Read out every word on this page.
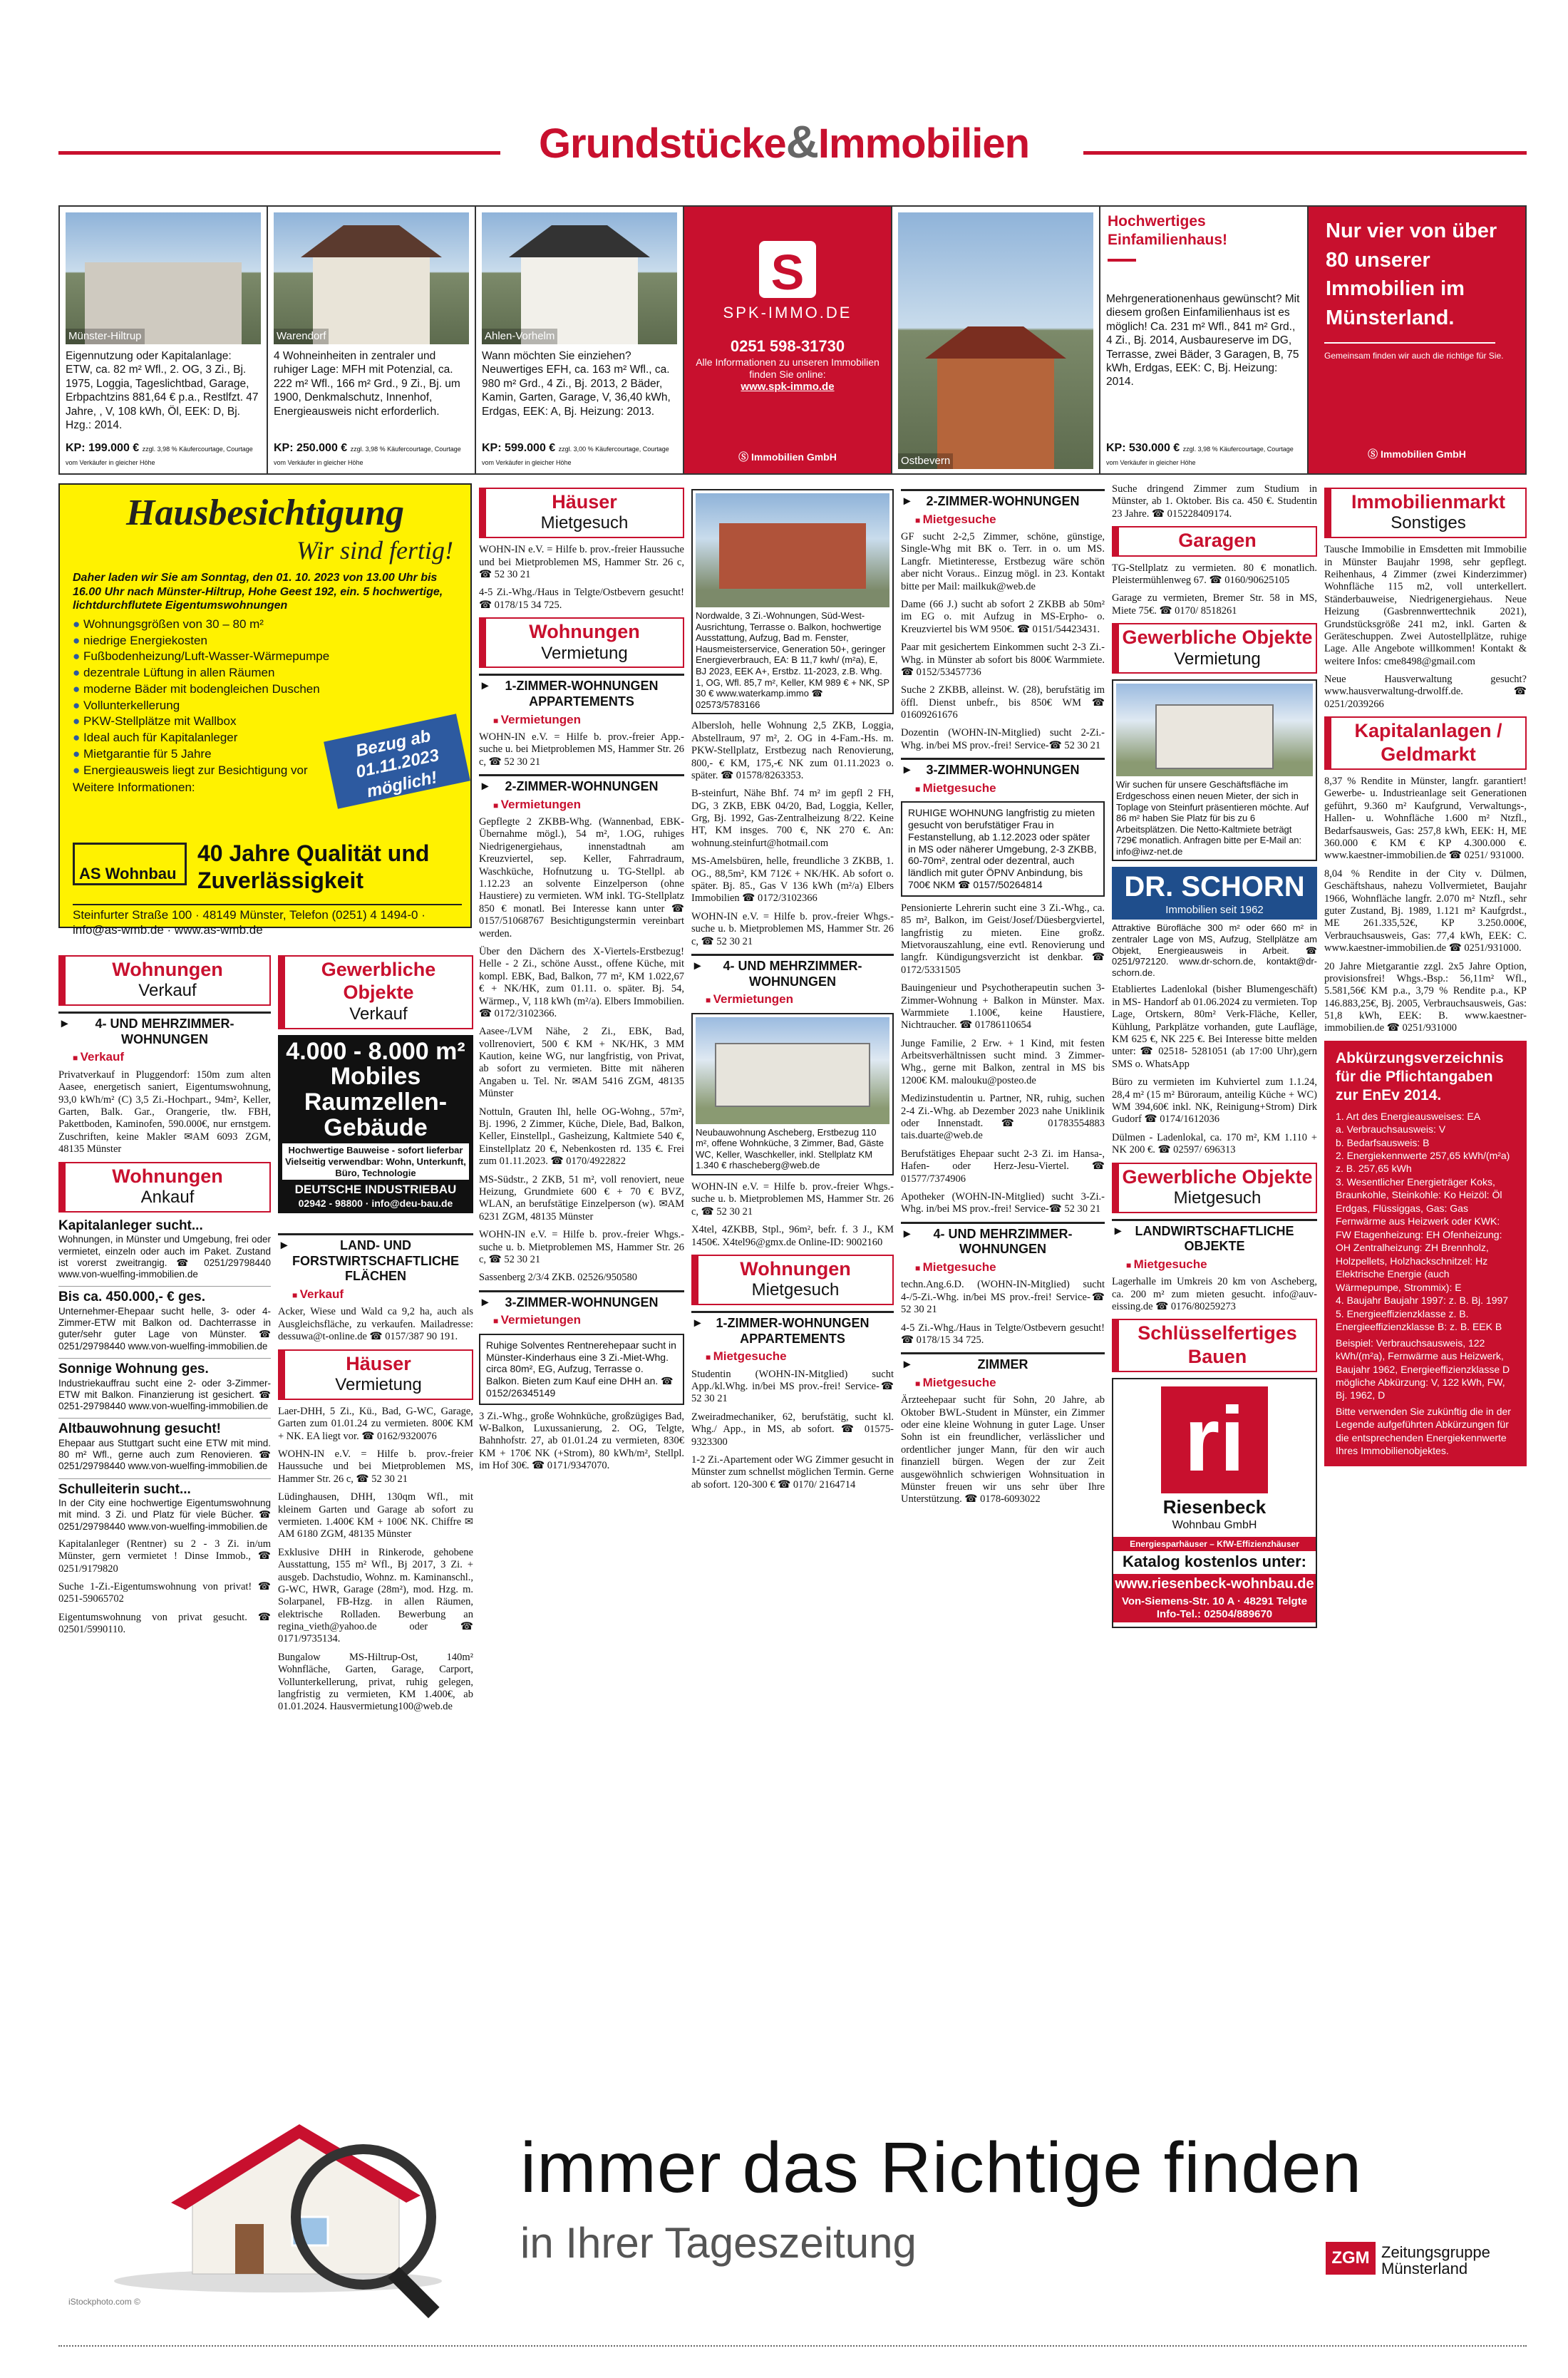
Grundstücke&Immobilien
Münster-Hiltrup
Eigennutzung oder Kapitalanlage: ETW, ca. 82 m² Wfl., 2. OG, 3 Zi., Bj. 1975, Loggia, Tageslichtbad, Garage, Erbpachtzins 881,64 € p.a., Restlfzt. 47 Jahre, , V, 108 kWh, Öl, EEK: D, Bj. Hzg.: 2014.
KP: 199.000 € zzgl. 3,98 % Käufercourtage, Courtage vom Verkäufer in gleicher Höhe
Warendorf
4 Wohneinheiten in zentraler und ruhiger Lage: MFH mit Potenzial, ca. 222 m² Wfl., 166 m² Grd., 9 Zi., Bj. um 1900, Denkmalschutz, Innenhof, Energieausweis nicht erforderlich.
KP: 250.000 € zzgl. 3,98 % Käufercourtage, Courtage vom Verkäufer in gleicher Höhe
Ahlen-Vorhelm
Wann möchten Sie einziehen? Neuwertiges EFH, ca. 163 m² Wfl., ca. 980 m² Grd., 4 Zi., Bj. 2013, 2 Bäder, Kamin, Garten, Garage, V, 36,40 kWh, Erdgas, EEK: A, Bj. Heizung: 2013.
KP: 599.000 € zzgl. 3,00 % Käufercourtage, Courtage vom Verkäufer in gleicher Höhe
S
SPK-IMMO.DE
0251 598-31730
Alle Informationen zu unseren Immobilien finden Sie online:
www.spk-immo.de
Ⓢ Immobilien GmbH	Ostbevern
Hochwertiges Einfamilienhaus!
Mehrgenerationenhaus gewünscht? Mit diesem großen Einfamilienhaus ist es möglich! Ca. 231 m² Wfl., 841 m² Grd., 4 Zi., Bj. 2014, Ausbaureserve im DG, Terrasse, zwei Bäder, 3 Garagen, B, 75 kWh, Erdgas, EEK: C, Bj. Heizung: 2014.
KP: 530.000 € zzgl. 3,98 % Käufercourtage, Courtage vom Verkäufer in gleicher Höhe
Nur vier von über 80 unserer Immobilien im Münsterland.
Gemeinsam finden wir auch die richtige für Sie.
Ⓢ Immobilien GmbH
Hausbesichtigung
Wir sind fertig!
Daher laden wir Sie am Sonntag, den 01. 10. 2023 von 13.00 Uhr bis 16.00 Uhr nach Münster-Hiltrup, Hohe Geest 192, ein. 5 hochwertige, lichtdurchflutete Eigentumswohnungen
● Wohnungsgrößen von 30 – 80 m²
● niedrige Energiekosten
● Fußbodenheizung/Luft-Wasser-Wärmepumpe
● dezentrale Lüftung in allen Räumen
● moderne Bäder mit bodengleichen Duschen
● Vollunterkellerung
● PKW-Stellplätze mit Wallbox
● Ideal auch für Kapitalanleger
● Mietgarantie für 5 Jahre
● Energieausweis liegt zur Besichtigung vor
Weitere Informationen:
Bezug ab 01.11.2023 möglich!
AS Wohnbau
40 Jahre Qualität und Zuverlässigkeit
Steinfurter Straße 100 · 48149 Münster, Telefon (0251) 4 1494-0 · info@as-wmb.de · www.as-wmb.de
Wohnungen
Verkauf
▸ 4- UND MEHRZIMMER-WOHNUNGEN
■ Verkauf
Privatverkauf in Pluggendorf: 150m zum alten Aasee, energetisch saniert, Eigentumswohnung, 93,0 kWh/m² (C) 3,5 Zi.-Hochpart., 94m², Keller, Garten, Balk. Gar., Orangerie, tlw. FBH, Pakettboden, Kaminofen, 590.000€, nur ernstgem. Zuschriften, keine Makler ✉AM 6093 ZGM, 48135 Münster
Wohnungen
Ankauf
Kapitalanleger sucht...
Wohnungen, in Münster und Umgebung, frei oder vermietet, einzeln oder auch im Paket. Zustand ist vorerst zweitrangig. ☎ 0251/29798440 www.von-wuelfing-immobilien.de
Bis ca. 450.000,- € ges.
Unternehmer-Ehepaar sucht helle, 3- oder 4-Zimmer-ETW mit Balkon od. Dachterrasse in guter/sehr guter Lage von Münster. ☎ 0251/29798440 www.von-wuelfing-immobilien.de
Sonnige Wohnung ges.
Industriekauffrau sucht eine 2- oder 3-Zimmer-ETW mit Balkon. Finanzierung ist gesichert. ☎ 0251-29798440 www.von-wuelfing-immobilien.de
Altbauwohnung gesucht!
Ehepaar aus Stuttgart sucht eine ETW mit mind. 80 m² Wfl., gerne auch zum Renovieren. ☎ 0251/29798440 www.von-wuelfing-immobilien.de
Schulleiterin sucht...
In der City eine hochwertige Eigentumswohnung mit mind. 3 Zi. und Platz für viele Bücher. ☎ 0251/29798440 www.von-wuelfing-immobilien.de
Kapitalanleger (Rentner) su 2 - 3 Zi. in/um Münster, gern vermietet ! Dinse Immob., ☎ 0251/9179820
Suche 1-Zi.-Eigentumswohnung von privat! ☎ 0251-59065702
Eigentumswohnung von privat gesucht. ☎ 02501/5990110.
Gewerbliche Objekte
Verkauf
4.000 - 8.000 m² Mobiles Raumzellen-Gebäude
Hochwertige Bauweise - sofort lieferbar Vielseitig verwendbar: Wohn, Unterkunft, Büro, Technologie
DEUTSCHE INDUSTRIEBAU
02942 - 98800 · info@deu-bau.de
▸ LAND- UND FORSTWIRTSCHAFTLICHE FLÄCHEN
■ Verkauf
Acker, Wiese und Wald ca 9,2 ha, auch als Ausgleichsfläche, zu verkaufen. Mailadresse: dessuwa@t-online.de ☎ 0157/387 90 191.
Häuser
Vermietung
Laer-DHH, 5 Zi., Kü., Bad, G-WC, Garage, Garten zum 01.01.24 zu vermieten. 800€ KM + NK. EA liegt vor. ☎ 0162/9320076
WOHN-IN e.V. = Hilfe b. prov.-freier Haussuche und bei Mietproblemen MS, Hammer Str. 26 c, ☎ 52 30 21
Lüdinghausen, DHH, 130qm Wfl., mit kleinem Garten und Garage ab sofort zu vermieten. 1.400€ KM + 100€ NK. Chiffre ✉AM 6180 ZGM, 48135 Münster
Exklusive DHH in Rinkerode, gehobene Ausstattung, 155 m² Wfl., Bj 2017, 3 Zi. + ausgeb. Dachstudio, Wohnz. m. Kaminanschl., G-WC, HWR, Garage (28m²), mod. Hzg. m. Solarpanel, FB-Hzg. in allen Räumen, elektrische Rolladen. Bewerbung an regina_vieth@yahoo.de oder ☎ 0171/9735134.
Bungalow MS-Hiltrup-Ost, 140m² Wohnfläche, Garten, Garage, Carport, Vollunterkellerung, privat, ruhig gelegen, langfristig zu vermieten, KM 1.400€, ab 01.01.2024. Hausvermietung100@web.de
Häuser
Mietgesuch
WOHN-IN e.V. = Hilfe b. prov.-freier Haussuche und bei Mietproblemen MS, Hammer Str. 26 c, ☎ 52 30 21
4-5 Zi.-Whg./Haus in Telgte/Ostbevern gesucht! ☎ 0178/15 34 725.
Wohnungen
Vermietung
▸ 1-ZIMMER-WOHNUNGEN APPARTEMENTS
■ Vermietungen
WOHN-IN e.V. = Hilfe b. prov.-freier App.-suche u. bei Mietproblemen MS, Hammer Str. 26 c, ☎ 52 30 21
▸ 2-ZIMMER-WOHNUNGEN
■ Vermietungen
Gepflegte 2 ZKBB-Whg. (Wannenbad, EBK-Übernahme mögl.), 54 m², 1.OG, ruhiges Niedrigenergiehaus, innenstadtnah am Kreuzviertel, sep. Keller, Fahrradraum, Waschküche, Hofnutzung u. TG-Stellpl. ab 1.12.23 an solvente Einzelperson (ohne Haustiere) zu vermieten. WM inkl. TG-Stellplatz 850 € monatl. Bei Interesse kann unter ☎ 0157/51068767 Besichtigungstermin vereinbart werden.
Über den Dächern des X-Viertels-Erstbezug! Helle - 2 Zi., schöne Ausst., offene Küche, mit kompl. EBK, Bad, Balkon, 77 m², KM 1.022,67 € + NK/HK, zum 01.11. o. später. Bj. 54, Wärmep., V, 118 kWh (m²/a). Elbers Immobilien. ☎ 0172/3102366.
Aasee-/LVM Nähe, 2 Zi., EBK, Bad, vollrenoviert, 500 € KM + NK/HK, 3 MM Kaution, keine WG, nur langfristig, von Privat, ab sofort zu vermieten. Bitte mit näheren Angaben u. Tel. Nr. ✉AM 5416 ZGM, 48135 Münster
Nottuln, Grauten Ihl, helle OG-Wohng., 57m², Bj. 1996, 2 Zimmer, Küche, Diele, Bad, Balkon, Keller, Einstellpl., Gasheizung, Kaltmiete 540 €, Einstellplatz 20 €, Nebenkosten rd. 135 €. Frei zum 01.11.2023. ☎ 0170/4922822
MS-Südstr., 2 ZKB, 51 m², voll renoviert, neue Heizung, Grundmiete 600 € + 70 € BVZ, WLAN, an berufstätige Einzelperson (w). ✉AM 6231 ZGM, 48135 Münster
WOHN-IN e.V. = Hilfe b. prov.-freier Whgs.-suche u. b. Mietproblemen MS, Hammer Str. 26 c, ☎ 52 30 21
Sassenberg 2/3/4 ZKB. 02526/950580
▸ 3-ZIMMER-WOHNUNGEN
■ Vermietungen
Ruhige Solventes Rentnerehepaar sucht in Münster-Kinderhaus eine 3 Zi.-Miet-Whg. circa 80m², EG, Aufzug, Terrasse o. Balkon. Bieten zum Kauf eine DHH an. ☎ 0152/26345149
3 Zi.-Whg., große Wohnküche, großzügiges Bad, W-Balkon, Luxussanierung, 2. OG, Telgte, Bahnhofstr. 27, ab 01.01.24 zu vermieten, 830€ KM + 170€ NK (+Strom), 80 kWh/m², Stellpl. im Hof 30€. ☎ 0171/9347070.
Nordwalde, 3 Zi.-Wohnungen, Süd-West-Ausrichtung, Terrasse o. Balkon, hochwertige Ausstattung, Aufzug, Bad m. Fenster, Hausmeisterservice, Generation 50+, geringer Energieverbrauch, EA: B 11,7 kwh/ (m²a), E, BJ 2023, EEK A+, Erstbz. 11-2023, z.B. Whg. 1, OG, Wfl. 85,7 m², Keller, KM 989 € + NK, SP 30 € www.waterkamp.immo ☎ 02573/5783166
Albersloh, helle Wohnung 2,5 ZKB, Loggia, Abstellraum, 97 m², 2. OG in 4-Fam.-Hs. m. PKW-Stellplatz, Erstbezug nach Renovierung, 800,- € KM, 175,-€ NK zum 01.11.2023 o. später. ☎ 01578/8263353.
B-steinfurt, Nähe Bhf. 74 m² im gepfl 2 FH, DG, 3 ZKB, EBK 04/20, Bad, Loggia, Keller, Grg, Bj. 1992, Gas-Zentralheizung 8/22. Keine HT, KM insges. 700 €, NK 270 €. An: wohnung.steinfurt@hotmail.com
MS-Amelsbüren, helle, freundliche 3 ZKBB, 1. OG., 88,5m², KM 712€ + NK/HK. Ab sofort o. später. Bj. 85., Gas V 136 kWh (m²/a) Elbers Immobilien ☎ 0172/3102366
WOHN-IN e.V. = Hilfe b. prov.-freier Whgs.-suche u. b. Mietproblemen MS, Hammer Str. 26 c, ☎ 52 30 21
▸ 4- UND MEHRZIMMER-WOHNUNGEN
■ Vermietungen
Neubauwohnung Ascheberg, Erstbezug 110 m², offene Wohnküche, 3 Zimmer, Bad, Gäste WC, Keller, Waschkeller, inkl. Stellplatz KM 1.340 € rhascheberg@web.de
WOHN-IN e.V. = Hilfe b. prov.-freier Whgs.-suche u. b. Mietproblemen MS, Hammer Str. 26 c, ☎ 52 30 21
X4tel, 4ZKBB, Stpl., 96m², befr. f. 3 J., KM 1450€. X4tel96@gmx.de Online-ID: 9002160
Wohnungen
Mietgesuch
▸ 1-ZIMMER-WOHNUNGEN APPARTEMENTS
■ Mietgesuche
Studentin (WOHN-IN-Mitglied) sucht App./kl.Whg. in/bei MS prov.-frei! Service-☎ 52 30 21
Zweiradmechaniker, 62, berufstätig, sucht kl. Whg./ App., in MS, ab sofort. ☎ 01575-9323300
1-2 Zi.-Apartement oder WG Zimmer gesucht in Münster zum schnellst möglichen Termin. Gerne ab sofort. 120-300 € ☎ 0170/ 2164714
▸ 2-ZIMMER-WOHNUNGEN
■ Mietgesuche
GF sucht 2-2,5 Zimmer, schöne, günstige, Single-Whg mit BK o. Terr. in o. um MS. Langfr. Mietinteresse, Erstbezug wäre schön aber nicht Voraus.. Einzug mögl. in 23. Kontakt bitte per Mail: mailkuk@web.de
Dame (66 J.) sucht ab sofort 2 ZKBB ab 50m² im EG o. mit Aufzug in MS-Erpho- o. Kreuzviertel bis WM 950€. ☎ 0151/54423431.
Paar mit gesichertem Einkommen sucht 2-3 Zi.-Whg. in Münster ab sofort bis 800€ Warmmiete. ☎ 0152/53457736
Suche 2 ZKBB, alleinst. W. (28), berufstätig im öffl. Dienst unbefr., bis 850€ WM ☎ 01609261676
Dozentin (WOHN-IN-Mitglied) sucht 2-Zi.-Whg. in/bei MS prov.-frei! Service-☎ 52 30 21
▸ 3-ZIMMER-WOHNUNGEN
■ Mietgesuche
RUHIGE WOHNUNG langfristig zu mieten gesucht von berufstätiger Frau in Festanstellung, ab 1.12.2023 oder später in MS oder näherer Umgebung, 2-3 ZKBB, 60-70m², zentral oder dezentral, auch ländlich mit guter ÖPNV Anbindung, bis 700€ NKM ☎ 0157/50264814
Pensionierte Lehrerin sucht eine 3 Zi.-Whg., ca. 85 m², Balkon, im Geist/Josef/Düesbergviertel, langfristig zu mieten. Eine großz. Mietvorauszahlung, eine evtl. Renovierung und langfr. Kündigungsverzicht ist denkbar. ☎ 0172/5331505
Bauingenieur und Psychotherapeutin suchen 3-Zimmer-Wohnung + Balkon in Münster. Max. Warmmiete 1.100€, keine Haustiere, Nichtraucher. ☎ 01786110654
Junge Familie, 2 Erw. + 1 Kind, mit festen Arbeitsverhältnissen sucht mind. 3 Zimmer-Whg., gerne mit Balkon, zentral in MS bis 1200€ KM. malouku@posteo.de
Medizinstudentin u. Partner, NR, ruhig, suchen 2-4 Zi.-Whg. ab Dezember 2023 nahe Uniklinik oder Innenstadt. ☎ 01783554883 tais.duarte@web.de
Berufstätiges Ehepaar sucht 2-3 Zi. im Hansa-, Hafen- oder Herz-Jesu-Viertel. ☎ 01577/7374906
Apotheker (WOHN-IN-Mitglied) sucht 3-Zi.-Whg. in/bei MS prov.-frei! Service-☎ 52 30 21
▸ 4- UND MEHRZIMMER-WOHNUNGEN
■ Mietgesuche
techn.Ang.6.D. (WOHN-IN-Mitglied) sucht 4-/5-Zi.-Whg. in/bei MS prov.-frei! Service-☎ 52 30 21
4-5 Zi.-Whg./Haus in Telgte/Ostbevern gesucht! ☎ 0178/15 34 725.
▸ ZIMMER
■ Mietgesuche
Ärzteehepaar sucht für Sohn, 20 Jahre, ab Oktober BWL-Student in Münster, ein Zimmer oder eine kleine Wohnung in guter Lage. Unser Sohn ist ein freundlicher, verlässlicher und ordentlicher junger Mann, für den wir auch finanziell bürgen. Wegen der zur Zeit ausgewöhnlich schwierigen Wohnsituation in Münster freuen wir uns sehr über Ihre Unterstützung. ☎ 0178-6093022
Suche dringend Zimmer zum Studium in Münster, ab 1. Oktober. Bis ca. 450 €. Studentin 23 Jahre. ☎ 015228409174.
Garagen
TG-Stellplatz zu vermieten. 80 € monatlich. Pleistermühlenweg 67. ☎ 0160/90625105
Garage zu vermieten, Bremer Str. 58 in MS, Miete 75€. ☎ 0170/ 8518261
Gewerbliche Objekte
Vermietung
Wir suchen für unsere Geschäftsfläche im Erdgeschoss einen neuen Mieter, der sich in Toplage von Steinfurt präsentieren möchte. Auf 86 m² haben Sie Platz für bis zu 6 Arbeitsplätzen. Die Netto-Kaltmiete beträgt 729€ monatlich. Anfragen bitte per E-Mail an: info@iwz-net.de
DR. SCHORN
Immobilien seit 1962
Attraktive Bürofläche 300 m² oder 660 m² in zentraler Lage von MS, Aufzug, Stellplätze am Objekt, Energieausweis in Arbeit. ☎ 0251/972120. www.dr-schorn.de, kontakt@dr-schorn.de.
Etabliertes Ladenlokal (bisher Blumengeschäft) in MS- Handorf ab 01.06.2024 zu vermieten. Top Lage, Ortskern, 80m² Verk-Fläche, Keller, Kühlung, Parkplätze vorhanden, gute Laufläge, KM 625 €, NK 225 €. Bei Interesse bitte melden unter: ☎ 02518- 5281051 (ab 17:00 Uhr),gern SMS o. WhatsApp
Büro zu vermieten im Kuhviertel zum 1.1.24, 28,4 m² (15 m² Büroraum, anteilig Küche + WC) WM 394,60€ inkl. NK, Reinigung+Strom) Dirk Gudorf ☎ 0174/1612036
Dülmen - Ladenlokal, ca. 170 m², KM 1.110 + NK 200 €. ☎ 02597/ 696313
Gewerbliche Objekte
Mietgesuch
▸ LANDWIRTSCHAFTLICHE OBJEKTE
■ Mietgesuche
Lagerhalle im Umkreis 20 km von Ascheberg, ca. 200 m² zum mieten gesucht. info@auv-eissing.de ☎ 0176/80259273
Schlüsselfertiges Bauen
ri
Riesenbeck
Wohnbau GmbH
Energiesparhäuser – KfW-Effizienzhäuser
Katalog kostenlos unter:
www.riesenbeck-wohnbau.de
Von-Siemens-Str. 10 A · 48291 Telgte Info-Tel.: 02504/889670
Immobilienmarkt
Sonstiges
Tausche Immobilie in Emsdetten mit Immobilie in Münster Baujahr 1998, sehr gepflegt. Reihenhaus, 4 Zimmer (zwei Kinderzimmer) Wohnfläche 115 m2, voll unterkellert. Ständerbauweise, Niedrigenergiehaus. Neue Heizung (Gasbrennwerttechnik 2021), Grundstücksgröße 241 m2, inkl. Garten & Geräteschuppen. Zwei Autostellplätze, ruhige Lage. Alle Angebote willkommen! Kontakt & weitere Infos: cme8498@gmail.com
Neue Hausverwaltung gesucht? www.hausverwaltung-drwolff.de. ☎ 0251/2039266
Kapitalanlagen / Geldmarkt
8,37 % Rendite in Münster, langfr. garantiert! Gewerbe- u. Industrieanlage seit Generationen geführt, 9.360 m² Kaufgrund, Verwaltungs-, Hallen- u. Wohnfläche 1.600 m² Ntzfl., Bedarfsausweis, Gas: 257,8 kWh, EEK: H, ME 360.000 € KM € KP 4.300.000 €. www.kaestner-immobilien.de ☎ 0251/ 931000.
8,04 % Rendite in der City v. Dülmen, Geschäftshaus, nahezu Vollvermietet, Baujahr 1966, Wohnfläche langfr. 2.070 m² Ntzfl., sehr guter Zustand, Bj. 1989, 1.121 m² Kaufgrdst., ME 261.335,52€, KP 3.250.000€, Verbrauchsausweis, Gas: 77,4 kWh, EEK: C. www.kaestner-immobilien.de ☎ 0251/931000.
20 Jahre Mietgarantie zzgl. 2x5 Jahre Option, provisionsfrei! Whgs.-Bsp.: 56,11m² Wfl., 5.581,56€ KM p.a., 3,79 % Rendite p.a., KP 146.883,25€, Bj. 2005, Verbrauchsausweis, Gas: 51,8 kWh, EEK: B. www.kaestner-immobilien.de ☎ 0251/931000
Abkürzungsverzeichnis für die Pflichtangaben zur EnEv 2014.
1. Art des Energieausweises: EA
a. Verbrauchsausweis: V
b. Bedarfsausweis: B
2. Energiekennwerte 257,65 kWh/(m²a) z. B. 257,65 kWh
3. Wesentlicher Energieträger Koks, Braunkohle, Steinkohle: Ko Heizöl: Öl Erdgas, Flüssiggas, Gas: Gas Fernwärme aus Heizwerk oder KWK: FW Etagenheizung: EH Ofenheizung: OH Zentralheizung: ZH Brennholz, Holzpellets, Holzhackschnitzel: Hz Elektrische Energie (auch Wärmepumpe, Strommix): E
4. Baujahr Baujahr 1997: z. B. Bj. 1997
5. Energieeffizienzklasse z. B. Energieeffizienzklasse B: z. B. EEK B
Beispiel: Verbrauchsausweis, 122 kWh/(m²a), Fernwärme aus Heizwerk, Baujahr 1962, Energieeffizienzklasse D mögliche Abkürzung: V, 122 kWh, FW, Bj. 1962, D
Bitte verwenden Sie zukünftig die in der Legende aufgeführten Abkürzungen für die entsprechenden Energiekennwerte Ihres Immobilienobjektes.
immer das Richtige finden
in Ihrer Tageszeitung	ZGM Zeitungsgruppe
Münsterland
iStockphoto.com ©
